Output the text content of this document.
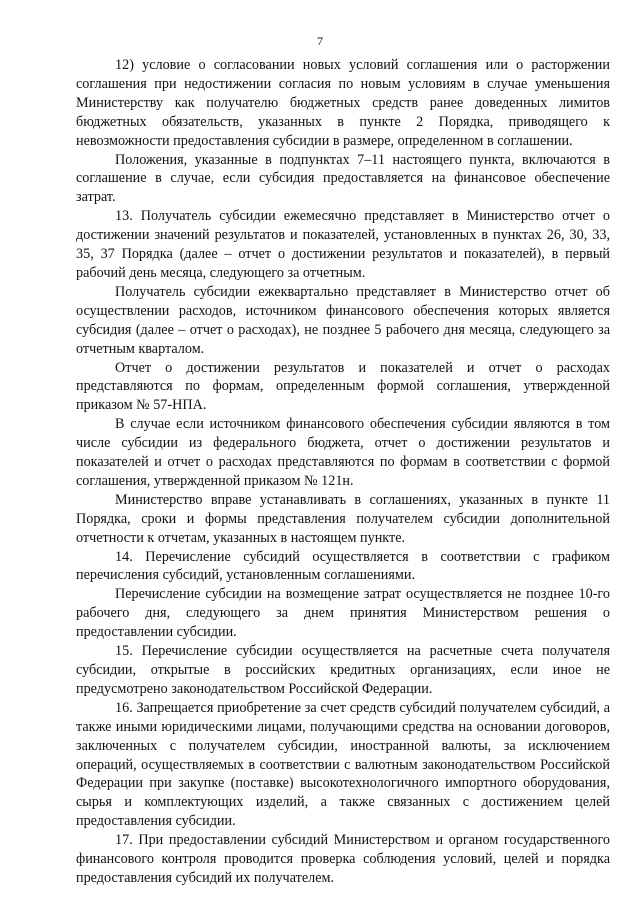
7

12) условие о согласовании новых условий соглашения или о расторжении соглашения при недостижении согласия по новым условиям в случае уменьшения Министерству как получателю бюджетных средств ранее доведенных лимитов бюджетных обязательств, указанных в пункте 2 Порядка, приводящего к невозможности предоставления субсидии в размере, определенном в соглашении.

Положения, указанные в подпунктах 7–11 настоящего пункта, включаются в соглашение в случае, если субсидия предоставляется на финансовое обеспечение затрат.

13. Получатель субсидии ежемесячно представляет в Министерство отчет о достижении значений результатов и показателей, установленных в пунктах 26, 30, 33, 35, 37 Порядка (далее – отчет о достижении результатов и показателей), в первый рабочий день месяца, следующего за отчетным.

Получатель субсидии ежеквартально представляет в Министерство отчет об осуществлении расходов, источником финансового обеспечения которых является субсидия (далее – отчет о расходах), не позднее 5 рабочего дня месяца, следующего за отчетным кварталом.

Отчет о достижении результатов и показателей и отчет о расходах представляются по формам, определенным формой соглашения, утвержденной приказом № 57-НПА.

В случае если источником финансового обеспечения субсидии являются в том числе субсидии из федерального бюджета, отчет о достижении результатов и показателей и отчет о расходах представляются по формам в соответствии с формой соглашения, утвержденной приказом № 121н.

Министерство вправе устанавливать в соглашениях, указанных в пункте 11 Порядка, сроки и формы представления получателем субсидии дополнительной отчетности к отчетам, указанных в настоящем пункте.

14. Перечисление субсидий осуществляется в соответствии с графиком перечисления субсидий, установленным соглашениями.

Перечисление субсидии на возмещение затрат осуществляется не позднее 10-го рабочего дня, следующего за днем принятия Министерством решения о предоставлении субсидии.

15. Перечисление субсидии осуществляется на расчетные счета получателя субсидии, открытые в российских кредитных организациях, если иное не предусмотрено законодательством Российской Федерации.

16. Запрещается приобретение за счет средств субсидий получателем субсидий, а также иными юридическими лицами, получающими средства на основании договоров, заключенных с получателем субсидии, иностранной валюты, за исключением операций, осуществляемых в соответствии с валютным законодательством Российской Федерации при закупке (поставке) высокотехнологичного импортного оборудования, сырья и комплектующих изделий, а также связанных с достижением целей предоставления субсидии.

17. При предоставлении субсидий Министерством и органом государственного финансового контроля проводится проверка соблюдения условий, целей и порядка предоставления субсидий их получателем.
